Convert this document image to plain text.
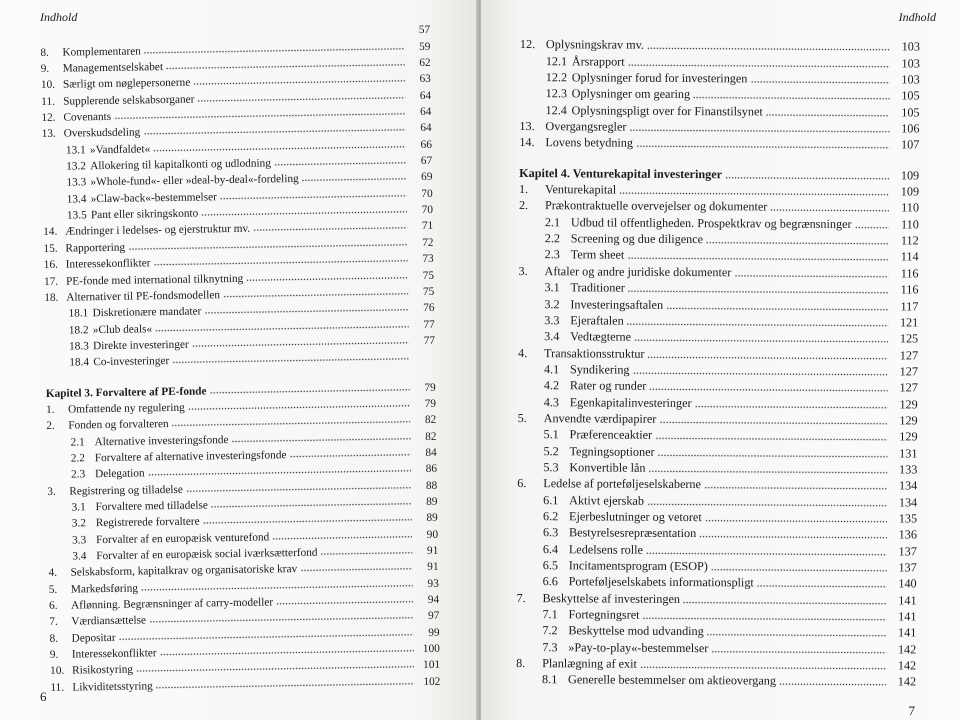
Indhold
57
8.	Komplementaren	59
9.	Managementselskabet	62
10. Særligt om nøglepersonerne	63
11. Supplerende selskabsorganer	64
12. Covenants	64
13. Overskudsdeling	64
13.1 »Vandfaldet«	66
13.2 Allokering til kapitalkonti og udlodning	67
13.3 »Whole-fund«- eller »deal-by-deal«-fordeling	69
13.4 »Claw-back«-bestemmelser	70
13.5 Pant eller sikringskonto	70
14. Ændringer i ledelses- og ejerstruktur mv.	71
15. Rapportering	72
16. Interessekonflikter	73
17. PE-fonde med international tilknytning	75
18. Alternativer til PE-fondsmodellen	75
18.1 Diskretionære mandater	76
18.2 »Club deals«	77
18.3 Direkte investeringer	77
18.4 Co-investeringer
Kapitel 3. Forvaltere af PE-fonde	79
1.	Omfattende ny regulering	79
2.	Fonden og forvalteren	82
2.1 Alternative investeringsfonde	82
2.2 Forvaltere af alternative investeringsfonde	84
2.3 Delegation	86
3.	Registrering og tilladelse	88
3.1 Forvaltere med tilladelse	89
3.2 Registrerede forvaltere	89
3.3 Forvalter af en europæisk venturefond	90
3.4 Forvalter af en europæisk social iværksætterfond	91
4.	Selskabsform, kapitalkrav og organisatoriske krav	91
5.	Markedsføring	93
6.	Aflønning. Begrænsninger af carry-modeller	94
7.	Værdiansættelse	97
8.	Depositar	99
9.	Interessekonflikter	100
10. Risikostyring	101
11. Likviditetsstyring	102
6
Indhold
12. Oplysningskrav mv.	103
12.1 Årsrapport	103
12.2 Oplysninger forud for investeringen	103
12.3 Oplysninger om gearing	105
12.4 Oplysningspligt over for Finanstilsynet	105
13. Overgangsregler	106
14. Lovens betydning	107
Kapitel 4. Venturekapital investeringer	109
1.	Venturekapital	109
2.	Prækontraktuelle overvejelser og dokumenter	110
2.1 Udbud til offentligheden. Prospektkrav og begrænsninger	110
2.2 Screening og due diligence	112
2.3 Term sheet	114
3.	Aftaler og andre juridiske dokumenter	116
3.1 Traditioner	116
3.2 Investeringsaftalen	117
3.3 Ejeraftalen	121
3.4 Vedtægterne	125
4.	Transaktionsstruktur	127
4.1 Syndikering	127
4.2 Rater og runder	127
4.3 Egenkapitalinvesteringer	129
5.	Anvendte værdipapirer	129
5.1 Præferenceaktier	129
5.2 Tegningsoptioner	131
5.3 Konvertible lån	133
6.	Ledelse af porteføljeselskaberne	134
6.1 Aktivt ejerskab	134
6.2 Ejerbeslutninger og vetoret	135
6.3 Bestyrelsesrepræsentation	136
6.4 Ledelsens rolle	137
6.5 Incitamentsprogram (ESOP)	137
6.6 Porteføljeselskabets informationspligt	140
7.	Beskyttelse af investeringen	141
7.1 Fortegningsret	141
7.2 Beskyttelse mod udvanding	141
7.3 »Pay-to-play«-bestemmelser	142
8.	Planlægning af exit	142
8.1 Generelle bestemmelser om aktieovergang	142
7
